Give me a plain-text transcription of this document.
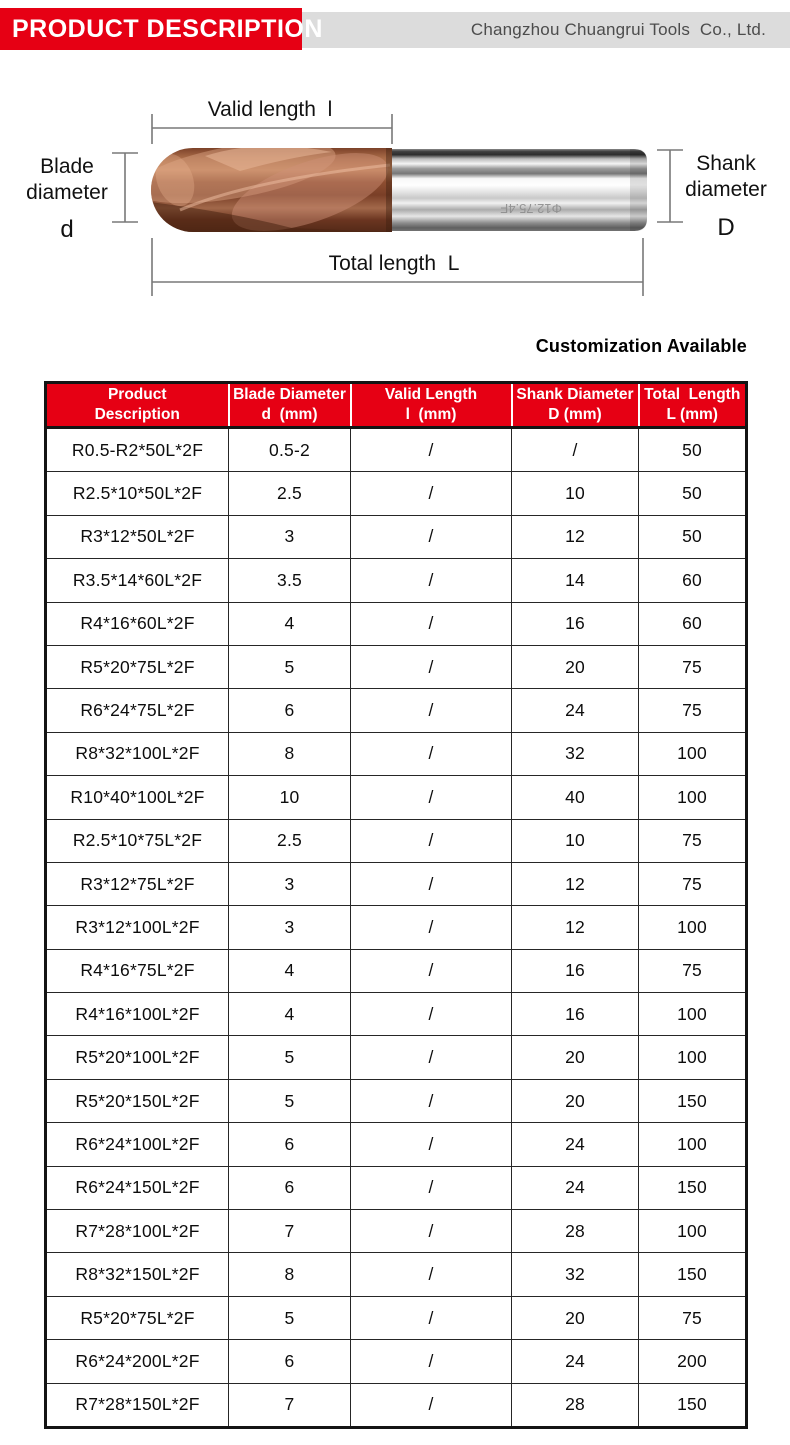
Changzhou Chuangrui Tools  Co., Ltd.
PRODUCT DESCRIPTION
Valid length  l
Φ12.75.4F
Blade
diameter
d
Shank
diameter
D
Total length  L
Customization Available
Product
Description

Blade Diameter
d  (mm)

Valid Length
l  (mm)

Shank Diameter
D (mm)

Total  Length
L (mm)

R0.5-R2*50L*2F	0.5-2	/	/	50
R2.5*10*50L*2F	2.5	/	10	50
R3*12*50L*2F	3	/	12	50
R3.5*14*60L*2F	3.5	/	14	60
R4*16*60L*2F	4	/	16	60
R5*20*75L*2F	5	/	20	75
R6*24*75L*2F	6	/	24	75
R8*32*100L*2F	8	/	32	100
R10*40*100L*2F	10	/	40	100
R2.5*10*75L*2F	2.5	/	10	75
R3*12*75L*2F	3	/	12	75
R3*12*100L*2F	3	/	12	100
R4*16*75L*2F	4	/	16	75
R4*16*100L*2F	4	/	16	100
R5*20*100L*2F	5	/	20	100
R5*20*150L*2F	5	/	20	150
R6*24*100L*2F	6	/	24	100
R6*24*150L*2F	6	/	24	150
R7*28*100L*2F	7	/	28	100
R8*32*150L*2F	8	/	32	150
R5*20*75L*2F	5	/	20	75
R6*24*200L*2F	6	/	24	200
R7*28*150L*2F	7	/	28	150
